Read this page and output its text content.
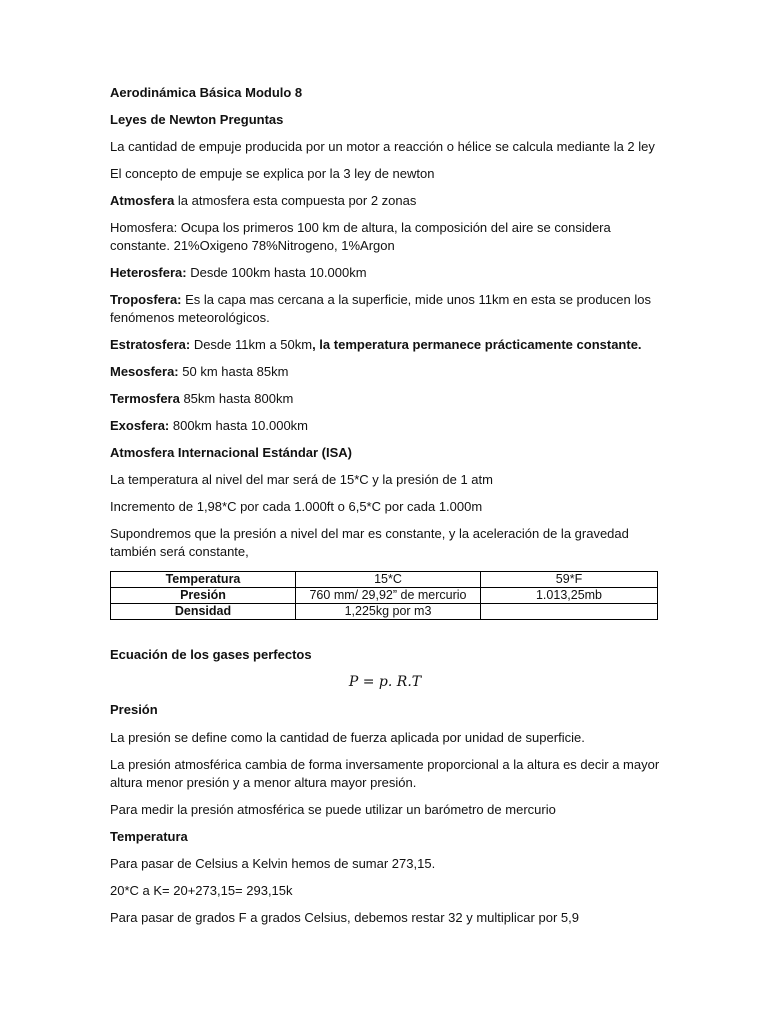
Aerodinámica Básica Modulo 8

Leyes de Newton Preguntas

La cantidad de empuje producida por un motor a reacción o hélice se calcula mediante la 2 ley

El concepto de empuje se explica por la 3 ley de newton

Atmosfera la atmosfera esta compuesta por 2 zonas

Homosfera: Ocupa los primeros 100 km de altura, la composición del aire se considera constante. 21%Oxigeno 78%Nitrogeno, 1%Argon

Heterosfera: Desde 100km hasta 10.000km

Troposfera: Es la capa mas cercana a la superficie, mide unos 11km en esta se producen los fenómenos meteorológicos.

Estratosfera: Desde 11km a 50km, la temperatura permanece prácticamente constante.

Mesosfera: 50 km hasta 85km

Termosfera 85km hasta 800km

Exosfera: 800km hasta 10.000km

Atmosfera Internacional Estándar (ISA)

La temperatura al nivel del mar será de 15*C y la presión de 1 atm

Incremento de 1,98*C por cada 1.000ft o 6,5*C por cada 1.000m

Supondremos que la presión a nivel del mar es constante, y la aceleración de la gravedad también será constante,

Temperatura	15*C	59*F
Presión	760 mm/ 29,92” de mercurio	1.013,25mb
Densidad	1,225kg por m3	

Ecuación de los gases perfectos

P = p. R.T

Presión

La presión se define como la cantidad de fuerza aplicada por unidad de superficie.

La presión atmosférica cambia de forma inversamente proporcional a la altura es decir a mayor altura menor presión y a menor altura mayor presión.

Para medir la presión atmosférica se puede utilizar un barómetro de mercurio

Temperatura

Para pasar de Celsius a Kelvin hemos de sumar 273,15.

20*C a K= 20+273,15= 293,15k

Para pasar de grados F a grados Celsius, debemos restar 32 y multiplicar por 5,9
